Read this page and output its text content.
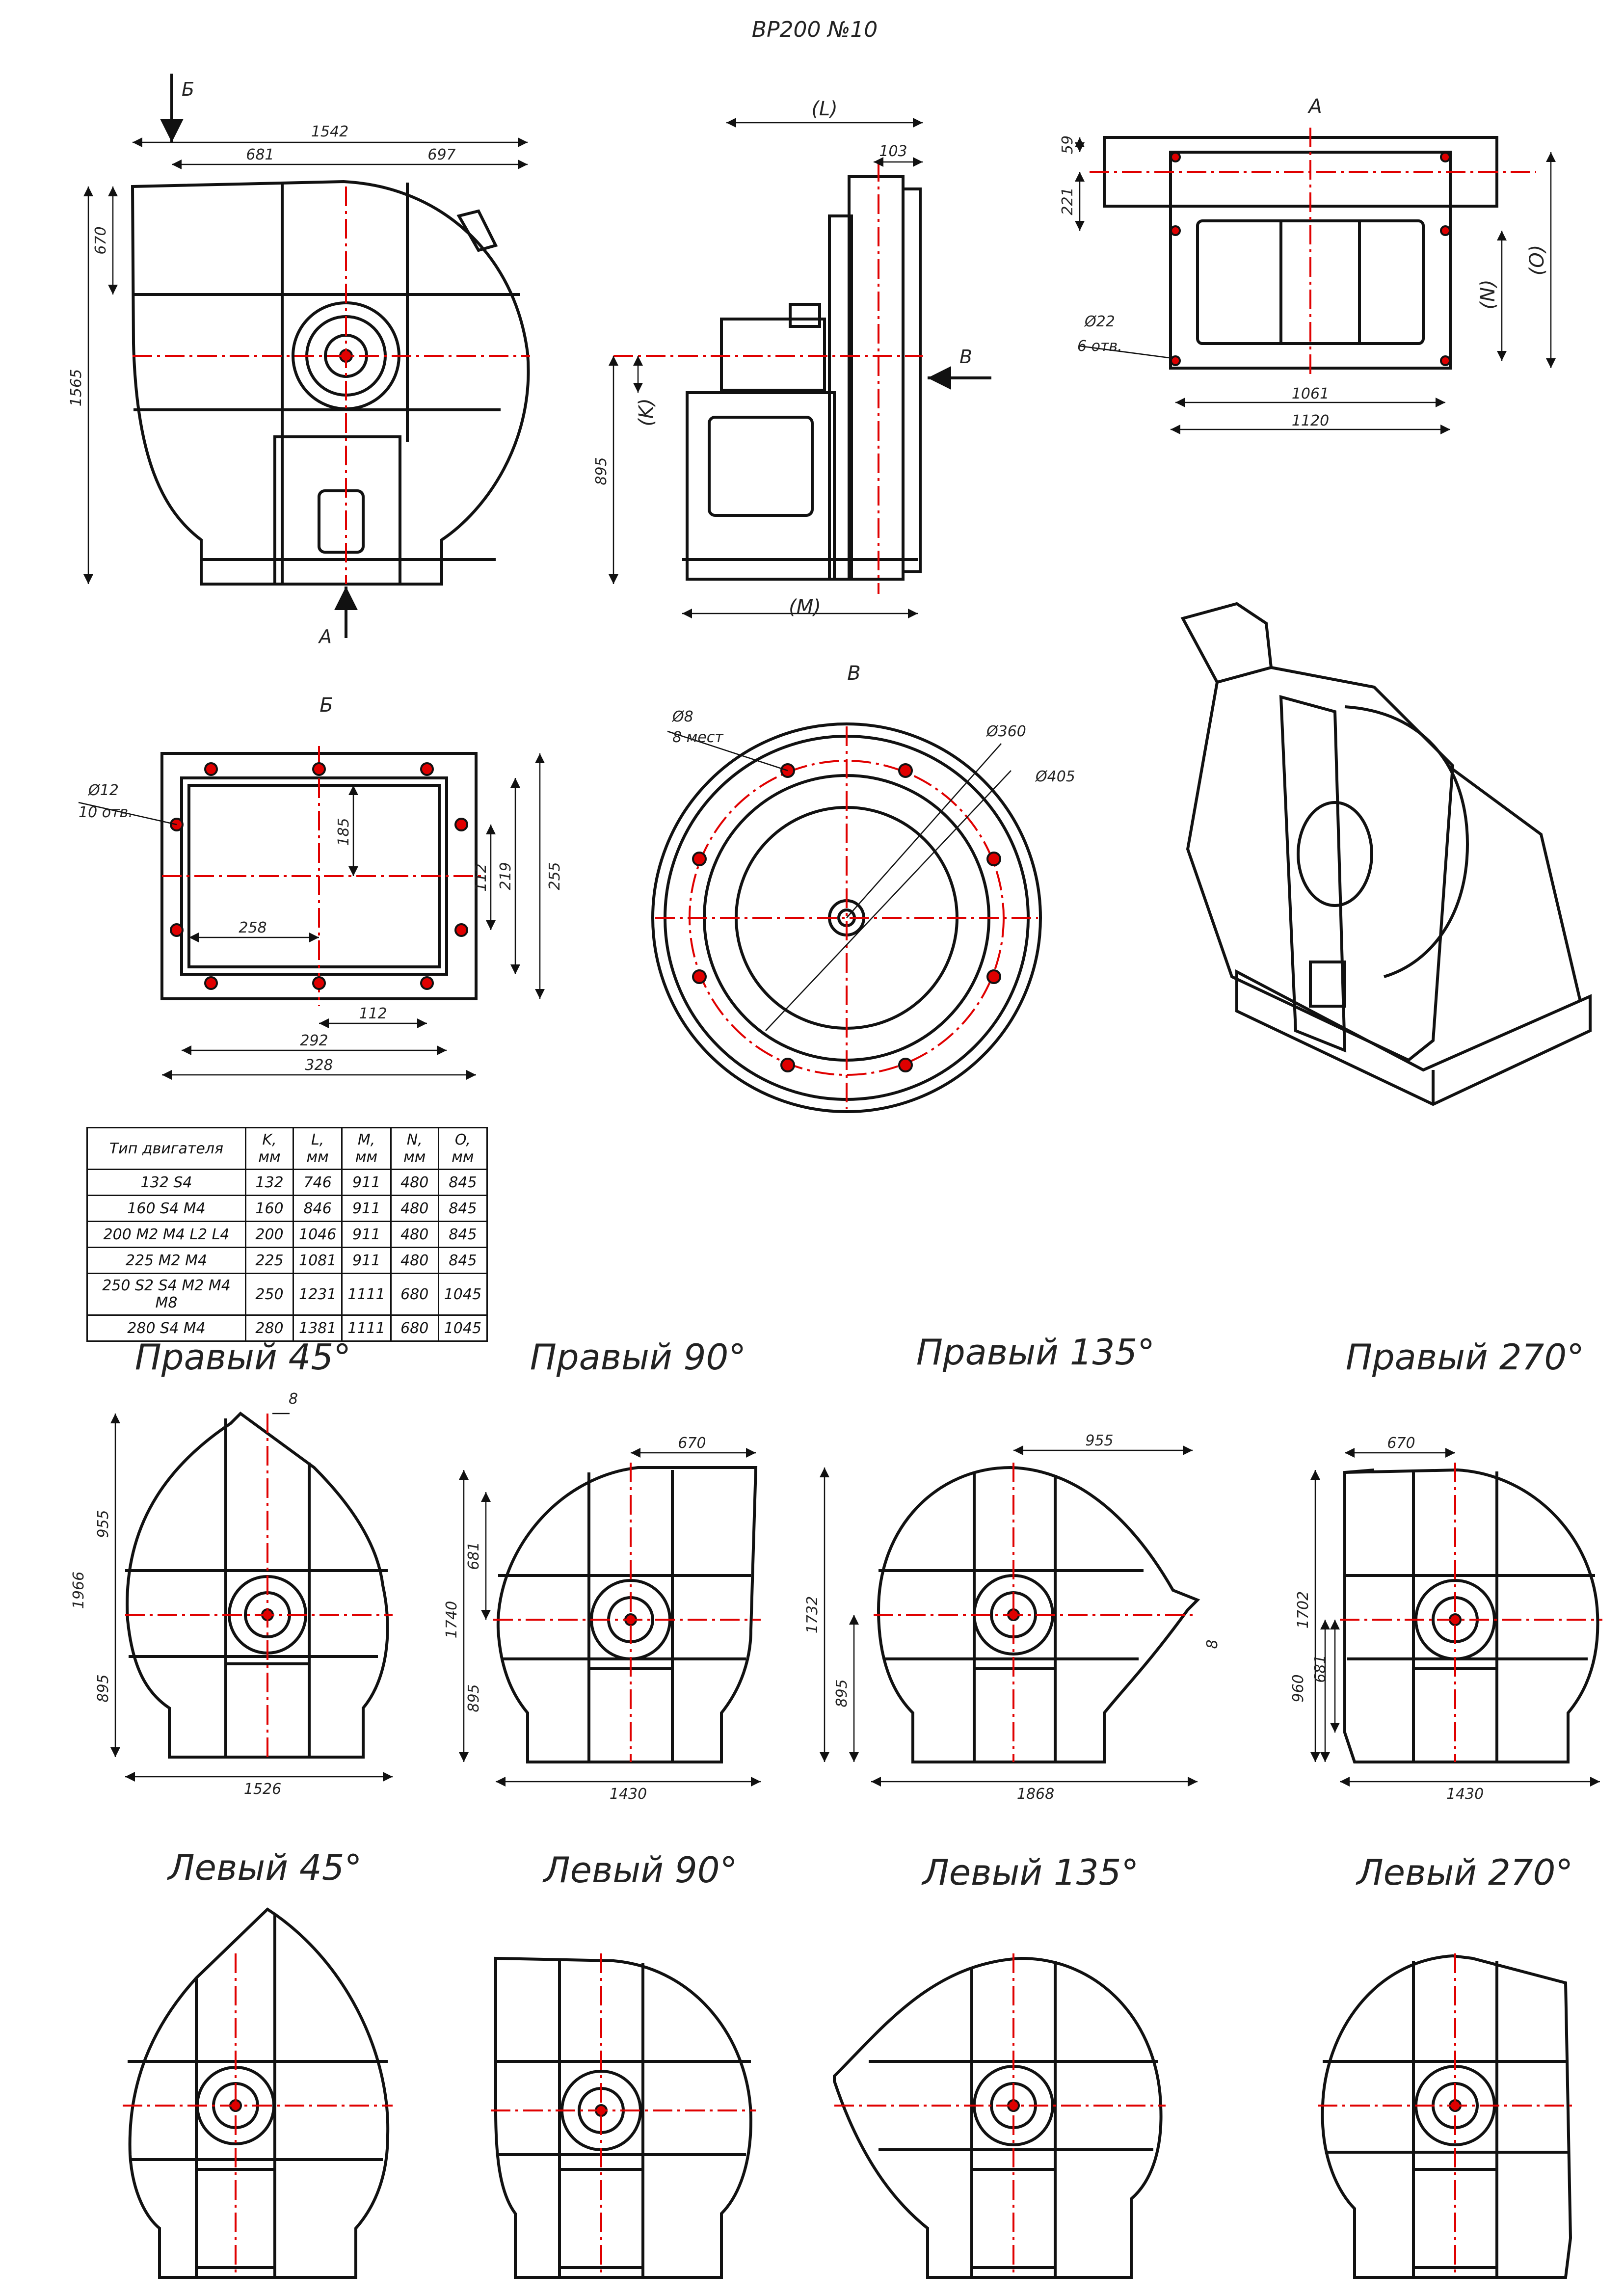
ВР200 №10
1542
681	697
1565
670
Б
А
(L)
103
(K)
895
(M)
В
А
59
221
(N)
(O)
Ø22
6 отв.
1061
1120
Б
Ø12
10 отв.
185
258
112 219 255
112
292
328
В
Ø8
8 мест	Ø360
Ø405
Правый 45°
8
955
1966
895
1526
Правый 90°
670
681
1740
895
1430
Правый 135°
955
1732
895
8
1868
Правый 270°
670
1702
681
960
1430
Левый 45°	Левый 90°	Левый 135°	Левый 270°
Тип двигателя	K, мм	L, мм	M, мм	N, мм	O, мм
132 S4	132	746	911	480	845
160 S4 M4	160	846	911	480	845
200 M2 M4 L2 L4	200	1046	911	480	845
225 M2 M4	225	1081	911	480	845
250 S2 S4 M2 M4 M8	250	1231	1111	680	1045
280 S4 M4	280	1381	1111	680	1045
